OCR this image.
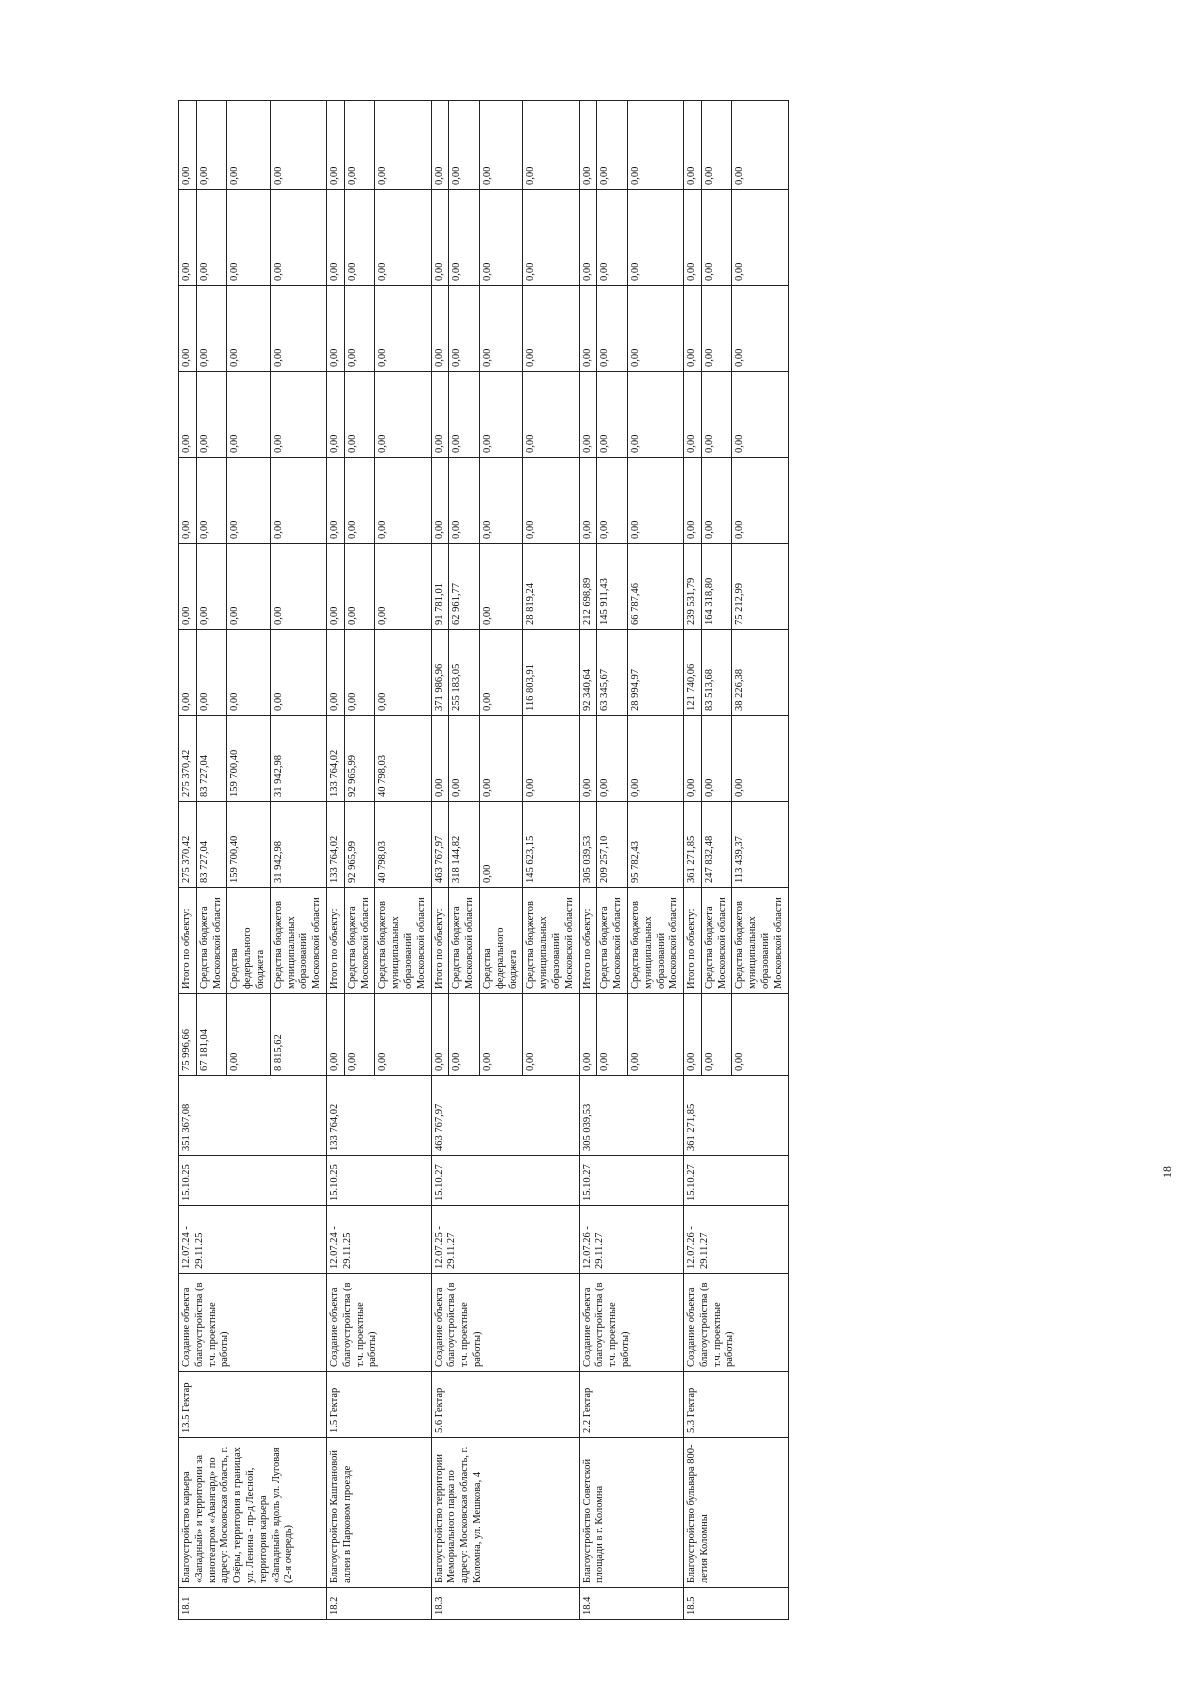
18.1	Благоустройство карьера «Западный» и территории за кинотеатром «Авангард» по адресу: Московская область, г. Озёры, территория в границах ул. Ленина - пр-д Лесной, территория карьера «Западный» вдоль ул. Луговая (2-я очередь)	13.5 Гектар	Создание объекта благоустройства (в т.ч. проектные работы)	12.07.24 - 29.11.25	15.10.25	351 367,08	75 996,66	Итого по объекту:	275 370,42	275 370,42	0,00	0,00	0,00	0,00	0,00	0,00	0,00
							67 181,04	Средства бюджета Московской области	83 727,04	83 727,04	0,00	0,00	0,00	0,00	0,00	0,00	0,00
							0,00	Средства федерального бюджета	159 700,40	159 700,40	0,00	0,00	0,00	0,00	0,00	0,00	0,00
							8 815,62	Средства бюджетов муниципальных образований Московской области	31 942,98	31 942,98	0,00	0,00	0,00	0,00	0,00	0,00	0,00
18.2	Благоустройство Каштановой аллеи в Парковом проезде	1.5 Гектар	Создание объекта благоустройства (в т.ч. проектные работы)	12.07.24 - 29.11.25	15.10.25	133 764,02	0,00	Итого по объекту:	133 764,02	133 764,02	0,00	0,00	0,00	0,00	0,00	0,00	0,00
							0,00	Средства бюджета Московской области	92 965,99	92 965,99	0,00	0,00	0,00	0,00	0,00	0,00	0,00
							0,00	Средства бюджетов муниципальных образований Московской области	40 798,03	40 798,03	0,00	0,00	0,00	0,00	0,00	0,00	0,00
18.3	Благоустройство территории Мемориального парка по адресу: Московская область, г. Коломна, ул. Мешкова, 4	5.6 Гектар	Создание объекта благоустройства (в т.ч. проектные работы)	12.07.25 - 29.11.27	15.10.27	463 767,97	0,00	Итого по объекту:	463 767,97	0,00	371 986,96	91 781,01	0,00	0,00	0,00	0,00	0,00
							0,00	Средства бюджета Московской области	318 144,82	0,00	255 183,05	62 961,77	0,00	0,00	0,00	0,00	0,00
							0,00	Средства федерального бюджета	0,00	0,00	0,00	0,00	0,00	0,00	0,00	0,00	0,00
							0,00	Средства бюджетов муниципальных образований Московской области	145 623,15	0,00	116 803,91	28 819,24	0,00	0,00	0,00	0,00	0,00
18.4	Благоустройство Советской площади в г. Коломна	2.2 Гектар	Создание объекта благоустройства (в т.ч. проектные работы)	12.07.26 - 29.11.27	15.10.27	305 039,53	0,00	Итого по объекту:	305 039,53	0,00	92 340,64	212 698,89	0,00	0,00	0,00	0,00	0,00
							0,00	Средства бюджета Московской области	209 257,10	0,00	63 345,67	145 911,43	0,00	0,00	0,00	0,00	0,00
							0,00	Средства бюджетов муниципальных образований Московской области	95 782,43	0,00	28 994,97	66 787,46	0,00	0,00	0,00	0,00	0,00
18.5	Благоустройство бульвара 800-летия Коломны	5.3 Гектар	Создание объекта благоустройства (в т.ч. проектные работы)	12.07.26 - 29.11.27	15.10.27	361 271,85	0,00	Итого по объекту:	361 271,85	0,00	121 740,06	239 531,79	0,00	0,00	0,00	0,00	0,00
							0,00	Средства бюджета Московской области	247 832,48	0,00	83 513,68	164 318,80	0,00	0,00	0,00	0,00	0,00
							0,00	Средства бюджетов муниципальных образований Московской области	113 439,37	0,00	38 226,38	75 212,99	0,00	0,00	0,00	0,00	0,00
18
